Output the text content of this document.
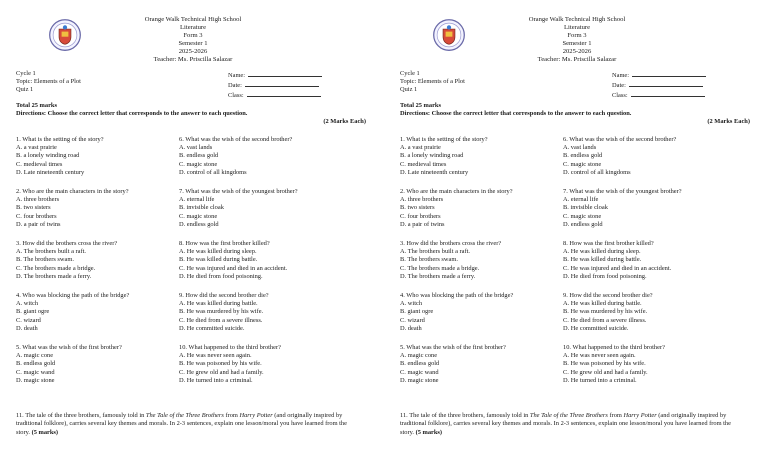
Orange Walk Technical High School
Literature
Form 3
Semester 1
2025-2026
Teacher: Ms. Priscilla Salazar
Cycle 1
Topic: Elements of a Plot
Quiz 1
Name:
Date:
Class:
Total 25 marks
Directions: Choose the correct letter that corresponds to the answer to each question.
(2 Marks Each)
1. What is the setting of the story?
A. a vast prairie
B. a lonely winding road
C. medieval times
D. Late nineteenth century
2. Who are the main characters in the story?
A. three brothers
B. two sisters
C. four brothers
D. a pair of twins
3. How did the brothers cross the river?
A. The brothers built a raft.
B. The brothers swam.
C. The brothers made a bridge.
D. The brothers made a ferry.
4. Who was blocking the path of the bridge?
A. witch
B. giant ogre
C. wizard
D. death
5. What was the wish of the first brother?
A. magic cone
B. endless gold
C. magic wand
D. magic stone
6. What was the wish of the second brother?
A. vast lands
B. endless gold
C. magic stone
D. control of all kingdoms
7. What was the wish of the youngest brother?
A. eternal life
B. invisible cloak
C. magic stone
D. endless gold
8. How was the first brother killed?
A. He was killed during sleep.
B. He was killed during battle.
C. He was injured and died in an accident.
D. He died from food poisoning.
9. How did the second brother die?
A. He was killed during battle.
B. He was murdered by his wife.
C. He died from a severe illness.
D. He committed suicide.
10. What happened to the third brother?
A. He was never seen again.
B. He was poisoned by his wife.
C. He grew old and had a family.
D. He turned into a criminal.
11. The tale of the three brothers, famously told in The Tale of the Three Brothers from Harry Potter (and originally inspired by traditional folklore), carries several key themes and morals. In 2-3 sentences, explain one lesson/moral you have learned from the story. (5 marks)
Orange Walk Technical High School
Literature
Form 3
Semester 1
2025-2026
Teacher: Ms. Priscilla Salazar
Cycle 1
Topic: Elements of a Plot
Quiz 1
Name:
Date:
Class:
Total 25 marks
Directions: Choose the correct letter that corresponds to the answer to each question.
(2 Marks Each)
1. What is the setting of the story?
A. a vast prairie
B. a lonely winding road
C. medieval times
D. Late nineteenth century
2. Who are the main characters in the story?
A. three brothers
B. two sisters
C. four brothers
D. a pair of twins
3. How did the brothers cross the river?
A. The brothers built a raft.
B. The brothers swam.
C. The brothers made a bridge.
D. The brothers made a ferry.
4. Who was blocking the path of the bridge?
A. witch
B. giant ogre
C. wizard
D. death
5. What was the wish of the first brother?
A. magic cone
B. endless gold
C. magic wand
D. magic stone
6. What was the wish of the second brother?
A. vast lands
B. endless gold
C. magic stone
D. control of all kingdoms
7. What was the wish of the youngest brother?
A. eternal life
B. invisible cloak
C. magic stone
D. endless gold
8. How was the first brother killed?
A. He was killed during sleep.
B. He was killed during battle.
C. He was injured and died in an accident.
D. He died from food poisoning.
9. How did the second brother die?
A. He was killed during battle.
B. He was murdered by his wife.
C. He died from a severe illness.
D. He committed suicide.
10. What happened to the third brother?
A. He was never seen again.
B. He was poisoned by his wife.
C. He grew old and had a family.
D. He turned into a criminal.
11. The tale of the three brothers, famously told in The Tale of the Three Brothers from Harry Potter (and originally inspired by traditional folklore), carries several key themes and morals. In 2-3 sentences, explain one lesson/moral you have learned from the story. (5 marks)
